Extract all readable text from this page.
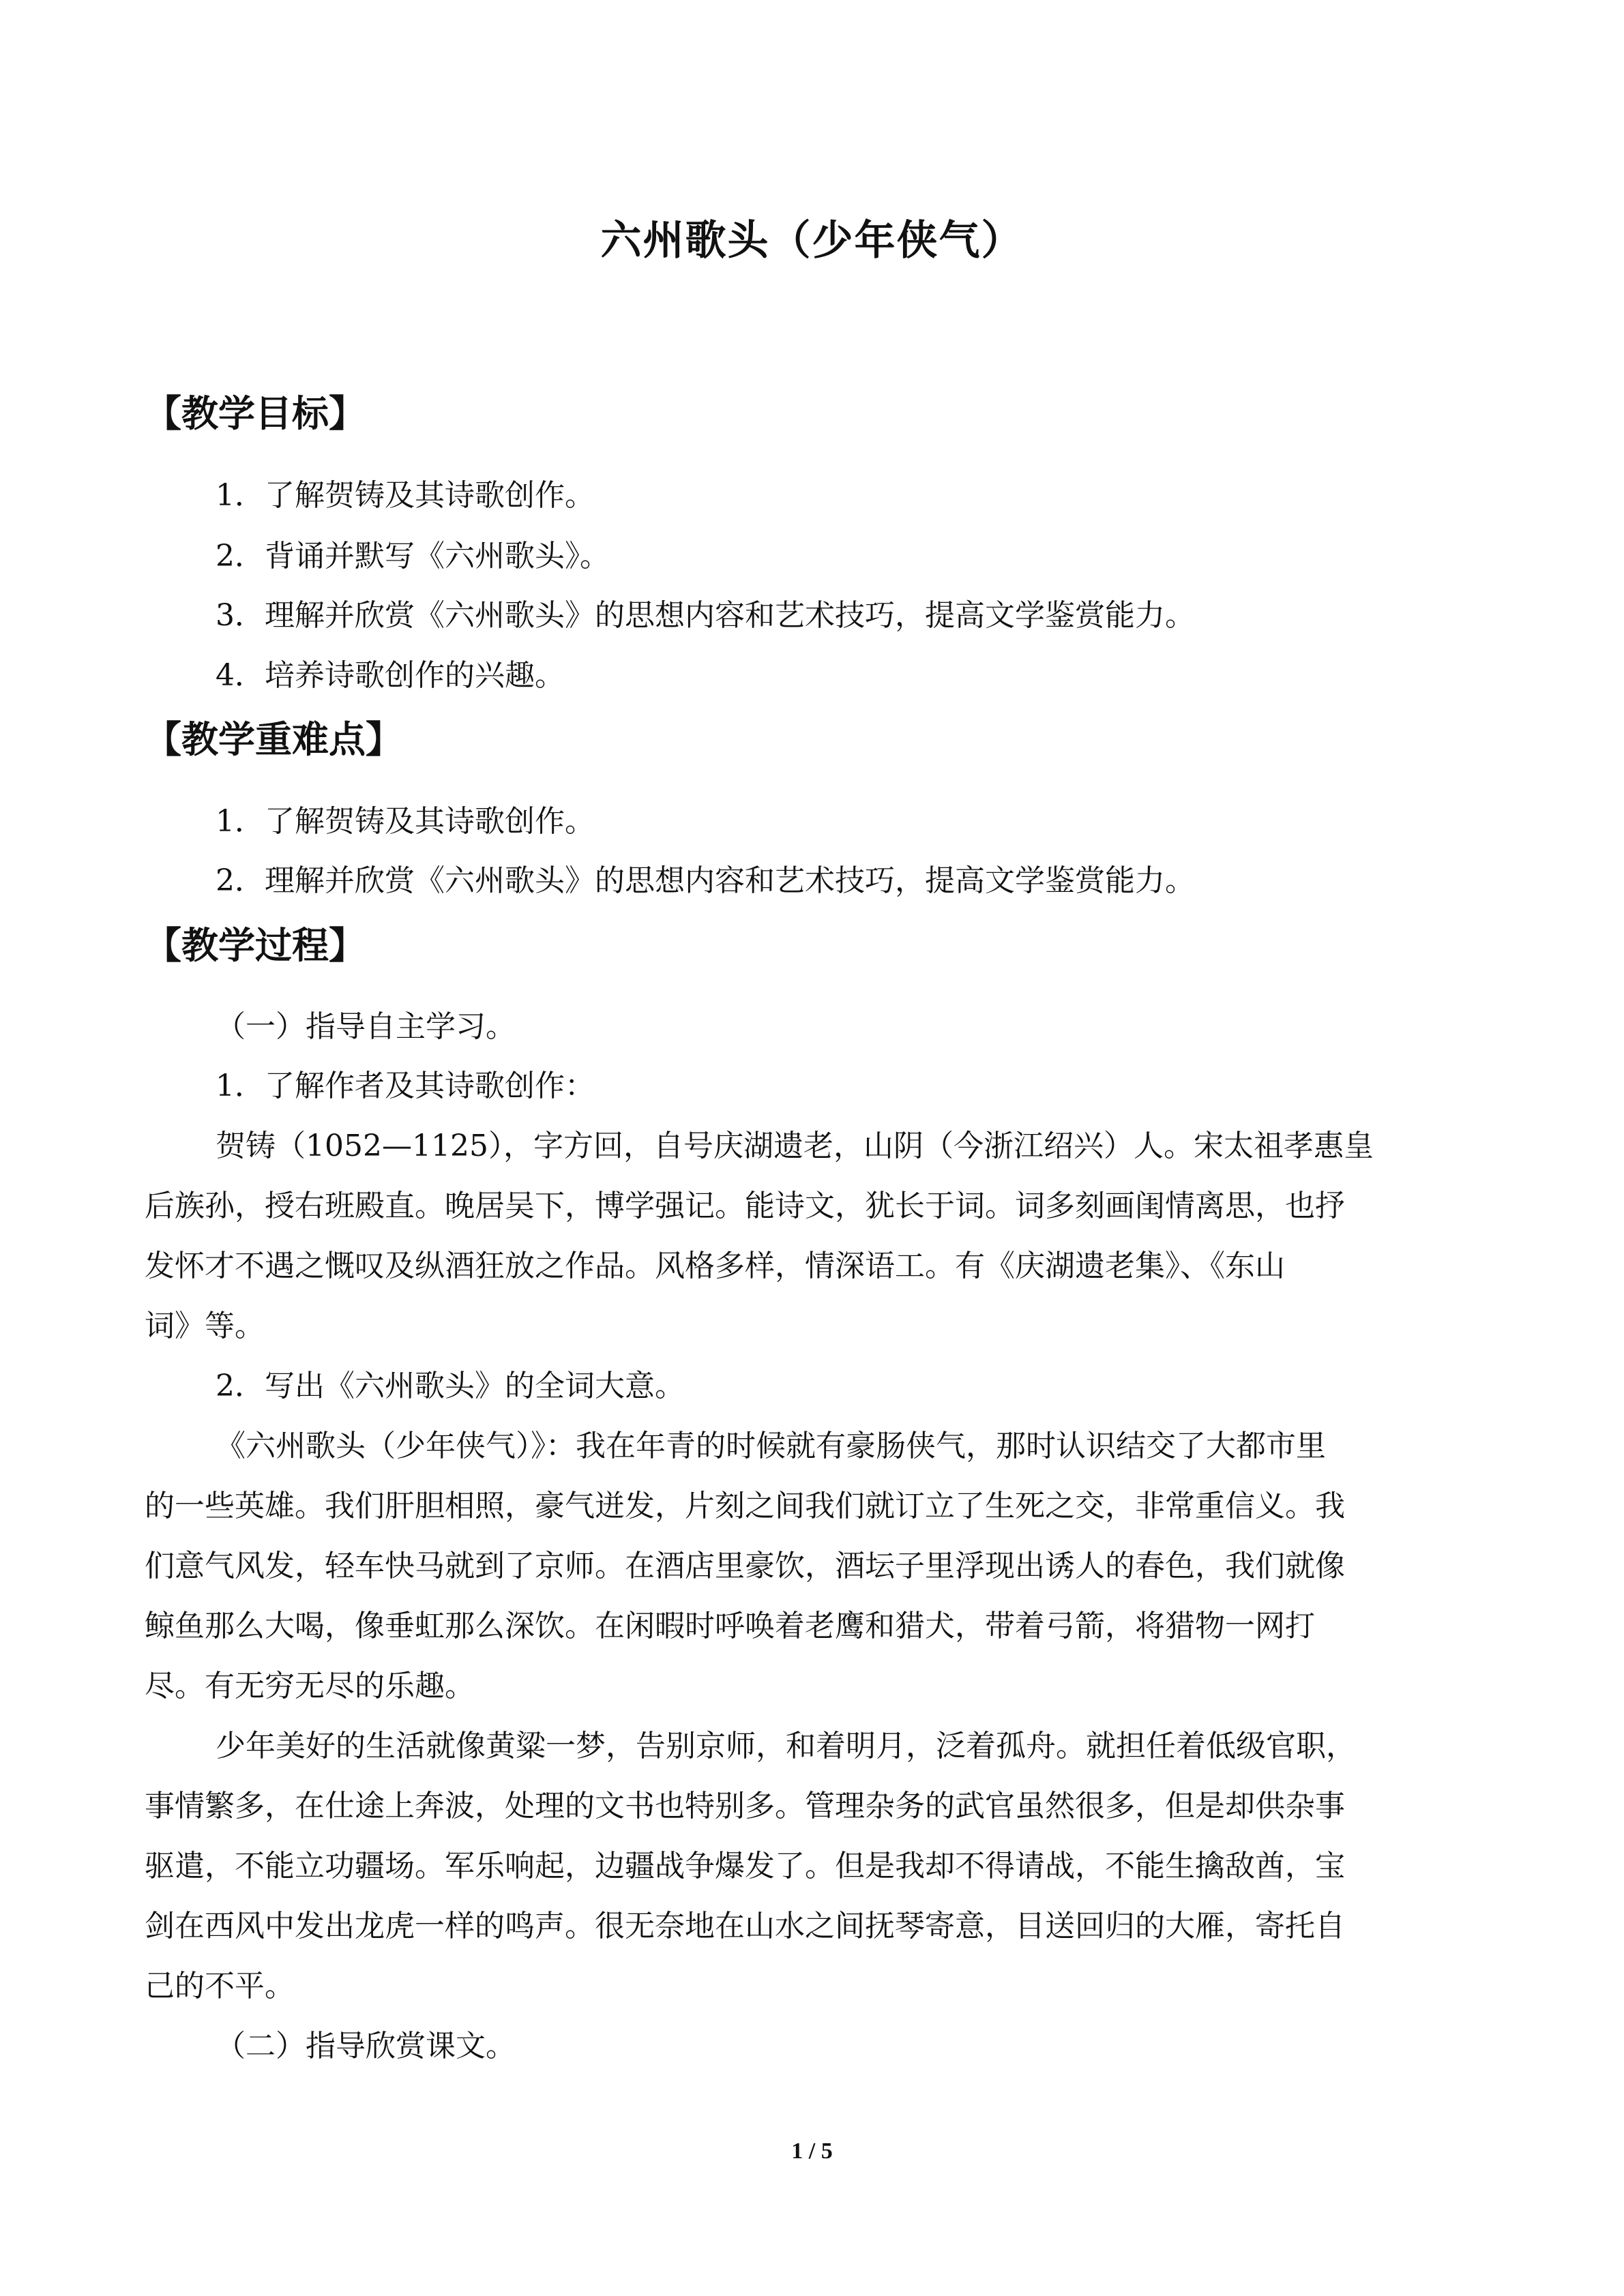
六州歌头（少年侠气）
【教学目标】
1．了解贺铸及其诗歌创作。
2．背诵并默写《六州歌头》。
3．理解并欣赏《六州歌头》的思想内容和艺术技巧，提高文学鉴赏能力。
4．培养诗歌创作的兴趣。
【教学重难点】
1．了解贺铸及其诗歌创作。
2．理解并欣赏《六州歌头》的思想内容和艺术技巧，提高文学鉴赏能力。
【教学过程】
（一）指导自主学习。
1．了解作者及其诗歌创作：
贺铸（1052—1125），字方回，自号庆湖遗老，山阴（今浙江绍兴）人。宋太祖孝惠皇
后族孙，授右班殿直。晚居吴下，博学强记。能诗文，犹长于词。词多刻画闺情离思，也抒
发怀才不遇之慨叹及纵酒狂放之作品。风格多样，情深语工。有《庆湖遗老集》、《东山
词》等。
2．写出《六州歌头》的全词大意。
《六州歌头（少年侠气）》：我在年青的时候就有豪肠侠气，那时认识结交了大都市里
的一些英雄。我们肝胆相照，豪气迸发，片刻之间我们就订立了生死之交，非常重信义。我
们意气风发，轻车快马就到了京师。在酒店里豪饮，酒坛子里浮现出诱人的春色，我们就像
鲸鱼那么大喝，像垂虹那么深饮。在闲暇时呼唤着老鹰和猎犬，带着弓箭，将猎物一网打
尽。有无穷无尽的乐趣。
少年美好的生活就像黄粱一梦，告别京师，和着明月，泛着孤舟。就担任着低级官职，
事情繁多，在仕途上奔波，处理的文书也特别多。管理杂务的武官虽然很多，但是却供杂事
驱遣，不能立功疆场。军乐响起，边疆战争爆发了。但是我却不得请战，不能生擒敌酋，宝
剑在西风中发出龙虎一样的鸣声。很无奈地在山水之间抚琴寄意，目送回归的大雁，寄托自
己的不平。
（二）指导欣赏课文。
1 / 5
